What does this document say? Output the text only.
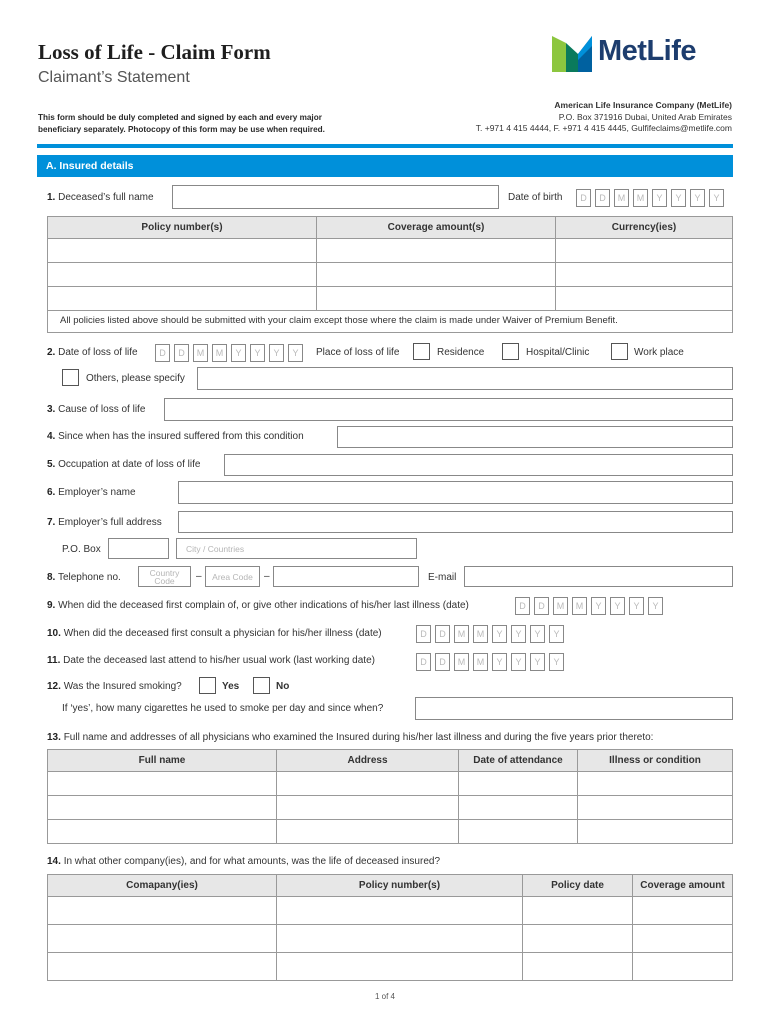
Loss of Life - Claim Form
Claimant’s Statement
This form should be duly completed and signed by each and every major
beneficiary separately. Photocopy of this form may be use when required.
MetLife
American Life Insurance Company (MetLife)
P.O. Box 371916 Dubai, United Arab Emirates
T. +971 4 415 4444, F. +971 4 415 4445, Gulfifeclaims@metlife.com
A. Insured details
1. Deceased’s full name	Date of birth	D	D	M	M	Y	Y	Y	Y
Policy number(s)	Coverage amount(s)	Currency(ies)

All policies listed above should be submitted with your claim except those where the claim is made under Waiver of Premium Benefit.
2. Date of loss of life	D	D	M	M	Y	Y	Y	Y	Place of loss of life	Residence	Hospital/Clinic	Work place
Others, please specify
3. Cause of loss of life
4. Since when has the insured suffered from this condition
5. Occupation at date of loss of life
6. Employer’s name
7. Employer’s full address
P.O. Box	City / Countries
8. Telephone no.	Country
Code	–	Area Code	–	E-mail
9. When did the deceased first complain of, or give other indications of his/her last illness (date)	D	D	M	M	Y	Y	Y	Y
10. When did the deceased first consult a physician for his/her illness (date)	D	D	M	M	Y	Y	Y	Y
11. Date the deceased last attend to his/her usual work (last working date)	D	D	M	M	Y	Y	Y	Y
12. Was the Insured smoking?	Yes	No
If ‘yes’, how many cigarettes he used to smoke per day and since when?
13. Full name and addresses of all physicians who examined the Insured during his/her last illness and during the five years prior thereto:
Full name	Address	Date of attendance	Illness or condition

14. In what other company(ies), and for what amounts, was the life of deceased insured?
Comapany(ies)	Policy number(s)	Policy date	Coverage amount

1 of 4
